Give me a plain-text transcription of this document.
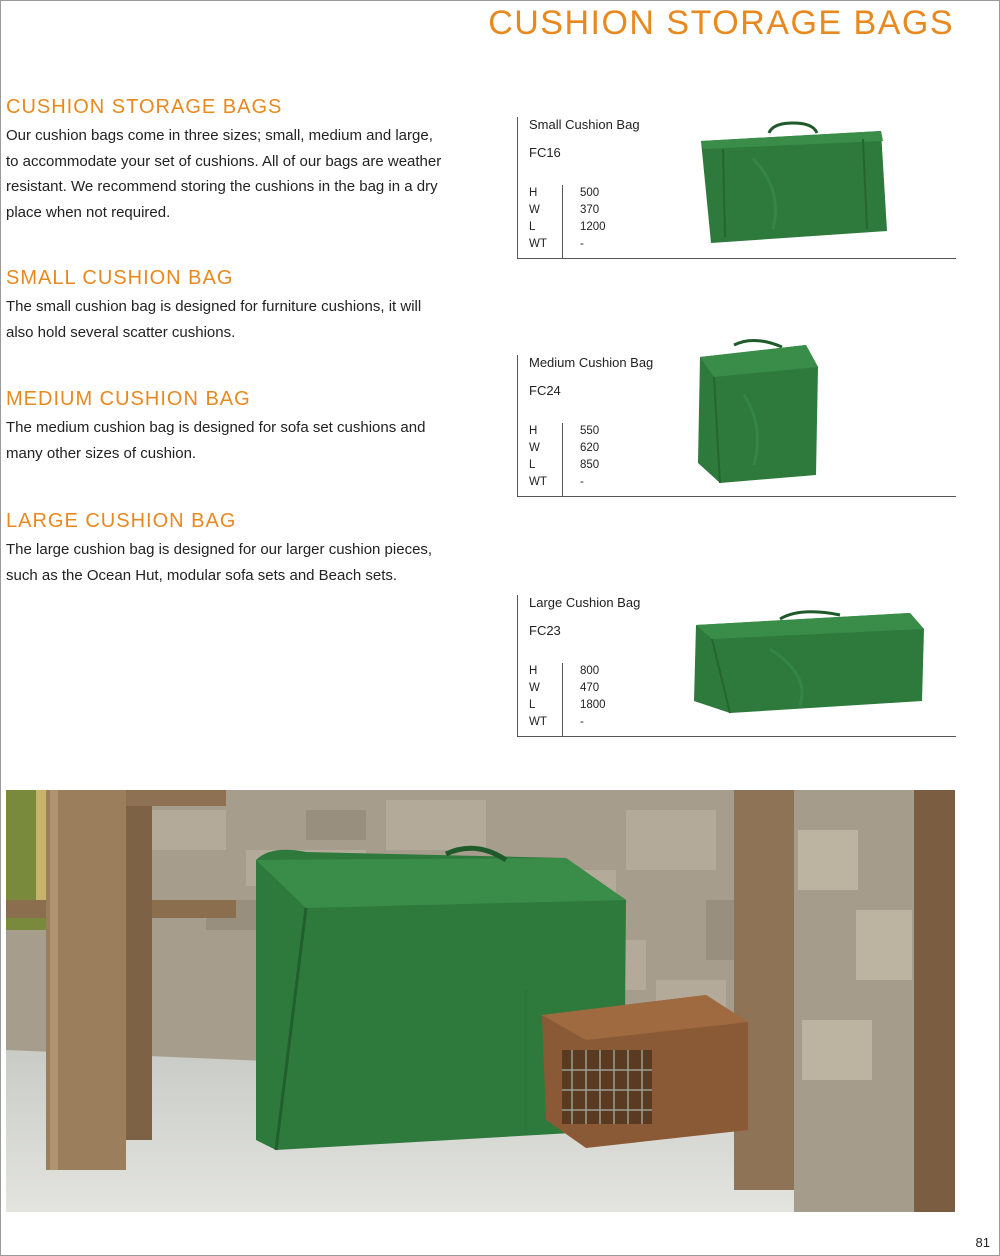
CUSHION STORAGE BAGS
CUSHION STORAGE BAGS

Our cushion bags come in three sizes; small, medium and large, to accommodate your set of cushions. All of our bags are weather resistant. We recommend storing the cushions in the bag in a dry place when not required.

SMALL CUSHION BAG

The small cushion bag is designed for furniture cushions, it will also hold several scatter cushions.

MEDIUM CUSHION BAG

The medium cushion bag is designed for sofa set cushions and many other sizes of cushion.

LARGE CUSHION BAG

The large cushion bag is designed for our larger cushion pieces, such as the Ocean Hut, modular sofa sets and Beach sets.

Small Cushion Bag
FC16
H	500
W	370
L	1200
WT	-
Medium Cushion Bag
FC24
H	550
W	620
L	850
WT	-
Large Cushion Bag
FC23
H	800
W	470
L	1800
WT	-
81
